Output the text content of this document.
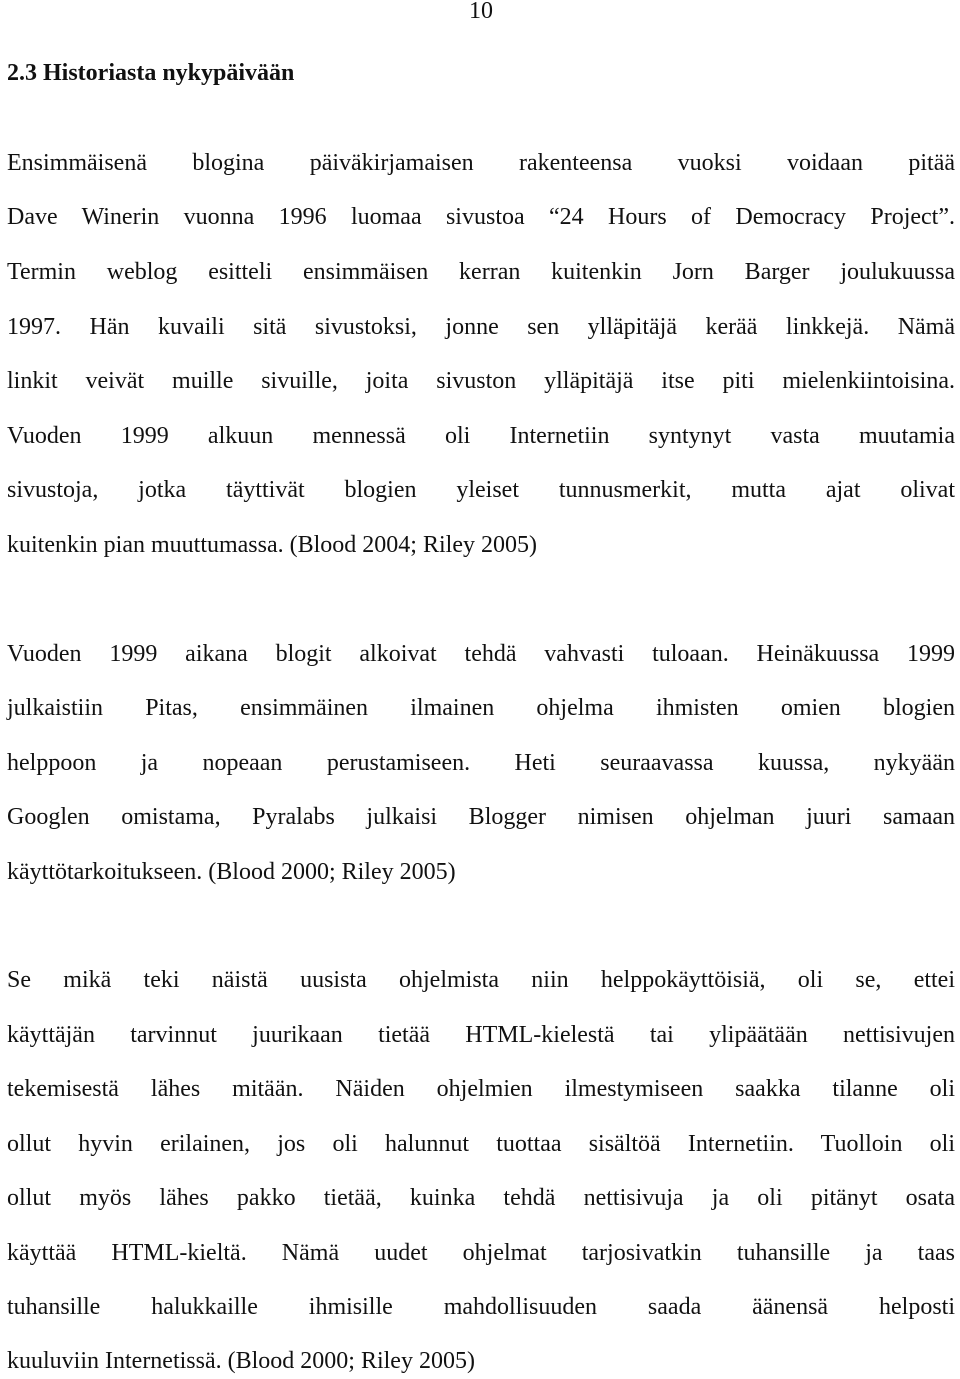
10
2.3 Historiasta nykypäivään
Ensimmäisenä blogina päiväkirjamaisen rakenteensa vuoksi voidaan pitää
Dave Winerin vuonna 1996 luomaa sivustoa “24 Hours of Democracy Project”.
Termin weblog esitteli ensimmäisen kerran kuitenkin Jorn Barger joulukuussa
1997. Hän kuvaili sitä sivustoksi, jonne sen ylläpitäjä kerää linkkejä. Nämä
linkit veivät muille sivuille, joita sivuston ylläpitäjä itse piti mielenkiintoisina.
Vuoden 1999 alkuun mennessä oli Internetiin syntynyt vasta muutamia
sivustoja, jotka täyttivät blogien yleiset tunnusmerkit, mutta ajat olivat
kuitenkin pian muuttumassa. (Blood 2004; Riley 2005)
Vuoden 1999 aikana blogit alkoivat tehdä vahvasti tuloaan. Heinäkuussa 1999
julkaistiin Pitas, ensimmäinen ilmainen ohjelma ihmisten omien blogien
helppoon ja nopeaan perustamiseen. Heti seuraavassa kuussa, nykyään
Googlen omistama, Pyralabs julkaisi Blogger nimisen ohjelman juuri samaan
käyttötarkoitukseen. (Blood 2000; Riley 2005)
Se mikä teki näistä uusista ohjelmista niin helppokäyttöisiä, oli se, ettei
käyttäjän tarvinnut juurikaan tietää HTML-kielestä tai ylipäätään nettisivujen
tekemisestä lähes mitään. Näiden ohjelmien ilmestymiseen saakka tilanne oli
ollut hyvin erilainen, jos oli halunnut tuottaa sisältöä Internetiin. Tuolloin oli
ollut myös lähes pakko tietää, kuinka tehdä nettisivuja ja oli pitänyt osata
käyttää HTML-kieltä. Nämä uudet ohjelmat tarjosivatkin tuhansille ja taas
tuhansille halukkaille ihmisille mahdollisuuden saada äänensä helposti
kuuluviin Internetissä. (Blood 2000; Riley 2005)
